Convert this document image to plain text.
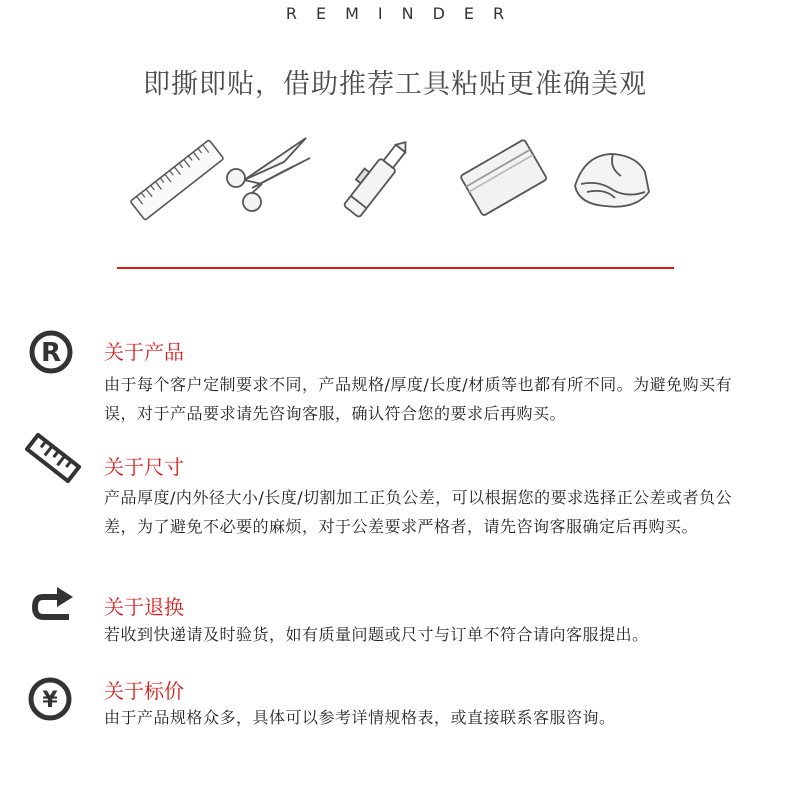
REMINDER
即撕即贴，借助推荐工具粘贴更准确美观
R 关于产品
由于每个客户定制要求不同，产品规格/厚度/长度/材质等也都有所不同。为避免购买有误，对于产品要求请先咨询客服，确认符合您的要求后再购买。
关于尺寸
产品厚度/内外径大小/长度/切割加工正负公差，可以根据您的要求选择正公差或者负公差，为了避免不必要的麻烦，对于公差要求严格者，请先咨询客服确定后再购买。
关于退换
若收到快递请及时验货，如有质量问题或尺寸与订单不符合请向客服提出。
¥ 关于标价
由于产品规格众多，具体可以参考详情规格表，或直接联系客服咨询。
